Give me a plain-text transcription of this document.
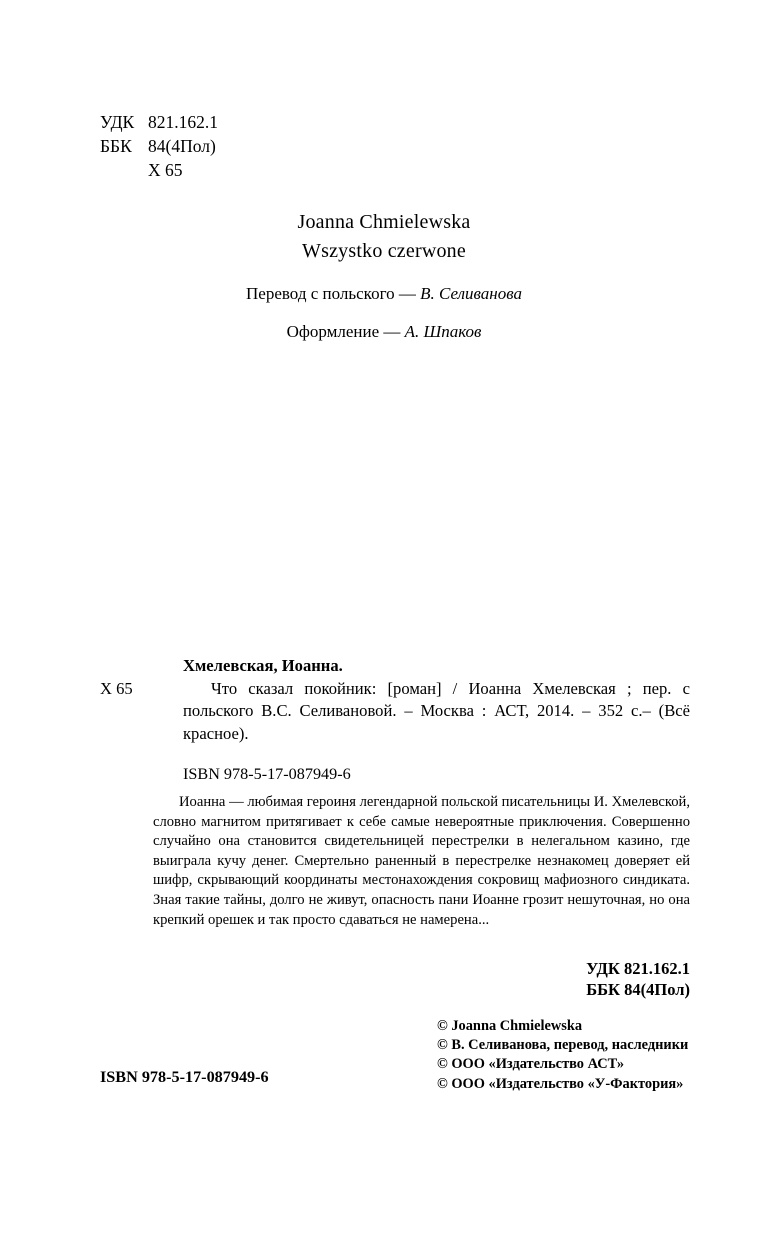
УДК 821.162.1
ББК 84(4Пол)
Х 65
Joanna Chmielewska
Wszystko czerwone
Перевод с польского — В. Селиванова
Оформление — А. Шпаков
Хмелевская, Иоанна.
Х 65	Что сказал покойник: [роман] / Иоанна Хмелевская ; пер. с польского В.С. Селивановой. – Москва : АСТ, 2014. – 352 с.– (Всё красное).
ISBN 978-5-17-087949-6
Иоанна — любимая героиня легендарной польской писательницы И. Хмелевской, словно магнитом притягивает к себе самые невероятные приключения. Совершенно случайно она становится свидетельницей перестрелки в нелегальном казино, где выиграла кучу денег. Смертельно раненный в перестрелке незнакомец доверяет ей шифр, скрывающий координаты местонахождения сокровищ мафиозного синдиката. Зная такие тайны, долго не живут, опасность пани Иоанне грозит нешуточная, но она крепкий орешек и так просто сдаваться не намерена...
УДК 821.162.1
ББК 84(4Пол)
© Joanna Chmielewska
© В. Селиванова, перевод, наследники
© ООО «Издательство АСТ»
© ООО «Издательство «У-Фактория»
ISBN 978-5-17-087949-6
